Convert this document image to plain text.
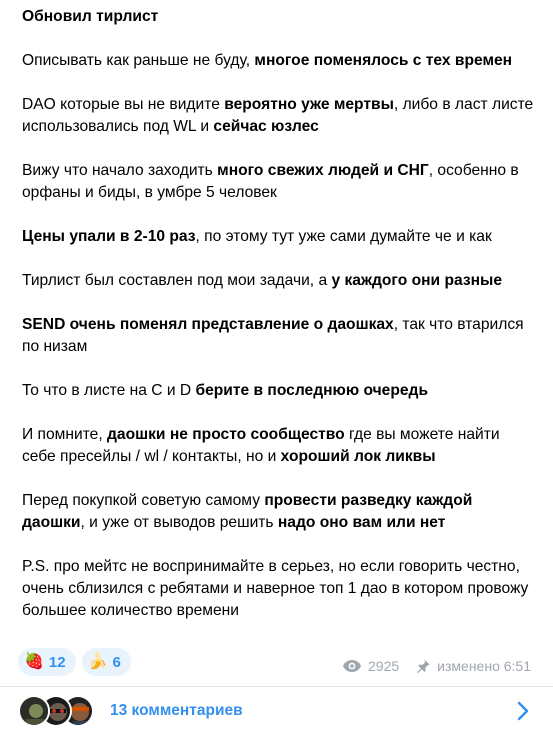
Обновил тирлист

Описывать как раньше не буду, многое поменялось с тех времен

DAO которые вы не видите вероятно уже мертвы, либо в ласт листе использовались под WL и сейчас юзлес

Вижу что начало заходить много свежих людей и СНГ, особенно в орфаны и биды, в умбре 5 человек

Цены упали в 2-10 раз, по этому тут уже сами думайте че и как

Тирлист был составлен под мои задачи, а у каждого они разные

SEND очень поменял представление о даошках, так что втарился по низам

То что в листе на C и D берите в последнюю очередь

И помните, даошки не просто сообщество где вы можете найти себе пресейлы / wl / контакты, но и хороший лок ликвы

Перед покупкой советую самому провести разведку каждой даошки, и уже от выводов решить надо оно вам или нет

P.S. про мейтс не воспринимайте в серьез, но если говорить честно, очень сблизился с ребятами и наверное топ 1 дао в котором провожу большее количество времени

🍓 12 🍌 6	2925	изменено 6:51
13 комментариев
